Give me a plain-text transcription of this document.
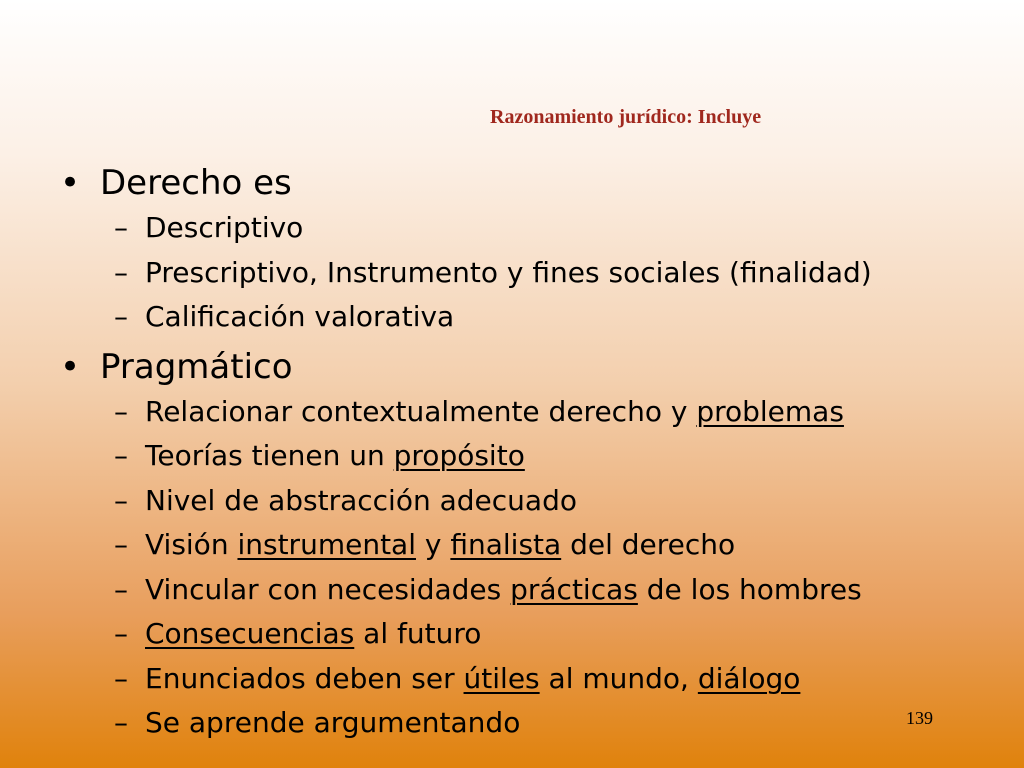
Razonamiento jurídico: Incluye
• Derecho es
– Descriptivo
– Prescriptivo, Instrumento y fines sociales (finalidad)
– Calificación valorativa
• Pragmático
– Relacionar contextualmente derecho y problemas
– Teorías tienen un propósito
– Nivel de abstracción adecuado
– Visión instrumental y finalista del derecho
– Vincular con necesidades prácticas de los hombres
– Consecuencias al futuro
– Enunciados deben ser útiles al mundo, diálogo
– Se aprende argumentando	139
